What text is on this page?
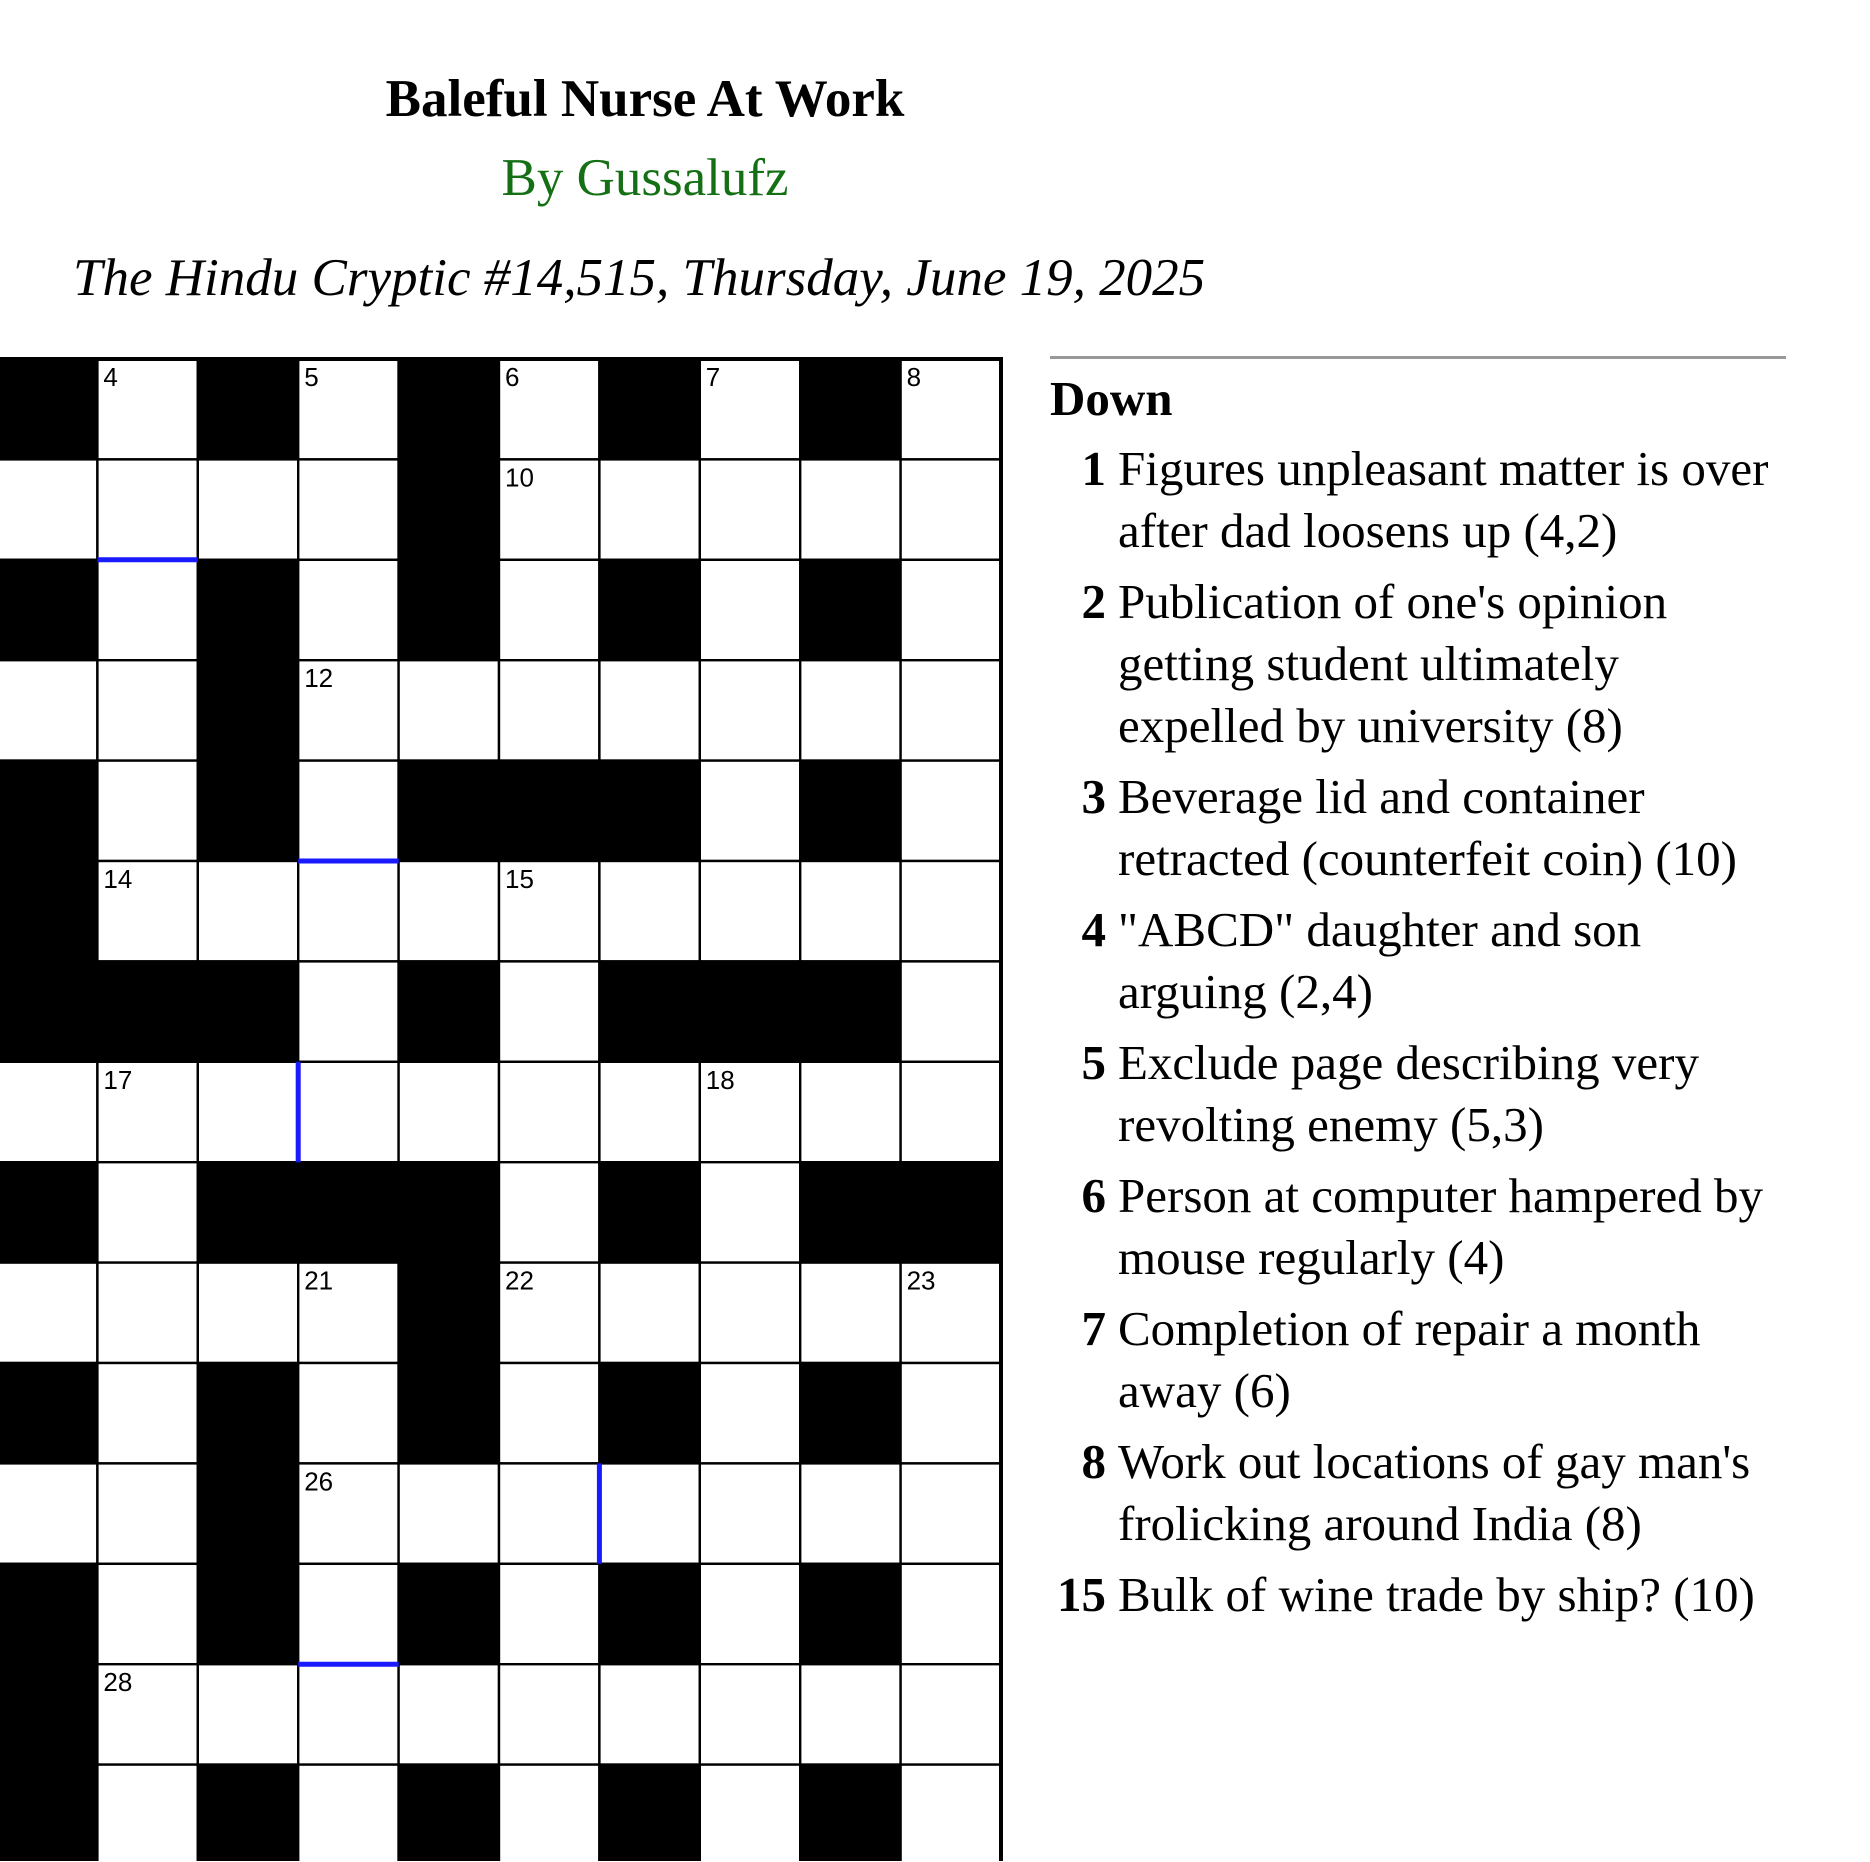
Baleful Nurse At Work
By Gussalufz
The Hindu Cryptic #14,515, Thursday, June 19, 2025
4	5	6	7	8
10
12
14	15
17	18
21	22	23
26
28
Down
1 Figures unpleasant matter is over after dad loosens up (4,2)
2 Publication of one's opinion getting student ultimately expelled by university (8)
3 Beverage lid and container retracted (counterfeit coin) (10)
4 "ABCD" daughter and son arguing (2,4)
5 Exclude page describing very revolting enemy (5,3)
6 Person at computer hampered by mouse regularly (4)
7 Completion of repair a month away (6)
8 Work out locations of gay man's frolicking around India (8)
15 Bulk of wine trade by ship? (10)
